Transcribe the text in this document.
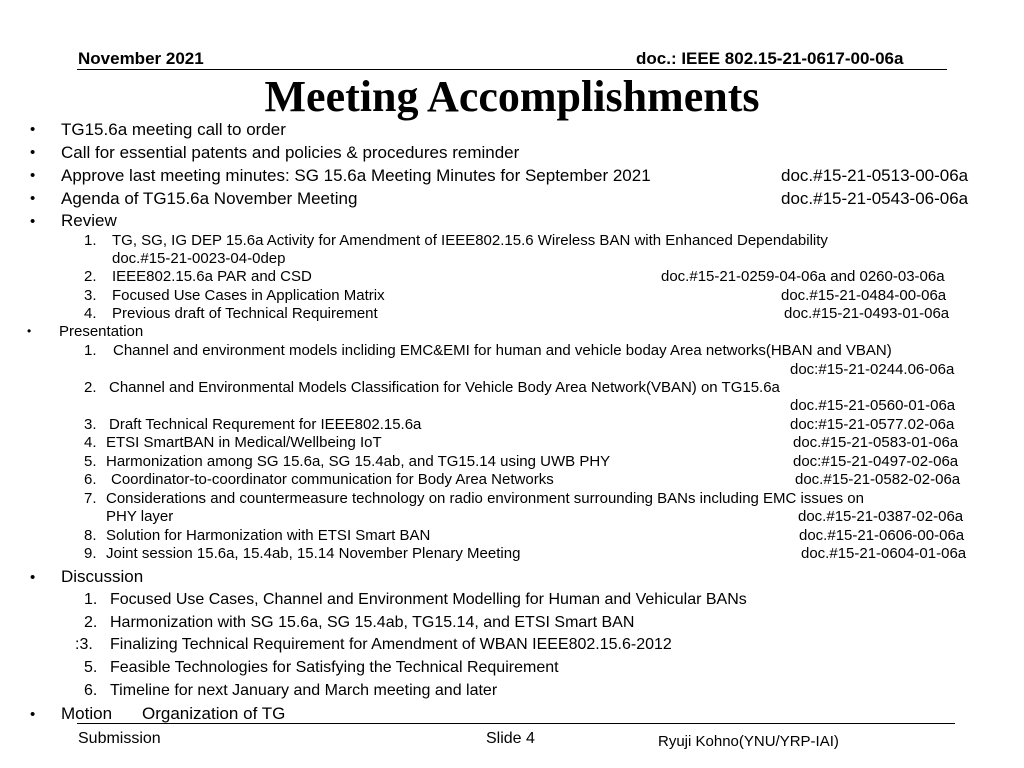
November 2021	doc.: IEEE 802.15-21-0617-00-06a
Meeting Accomplishments
• TG15.6a meeting call to order
• Call for essential patents and policies & procedures reminder
• Approve last meeting minutes: SG 15.6a Meeting Minutes for September 2021	doc.#15-21-0513-00-06a
• Agenda of TG15.6a November Meeting	doc.#15-21-0543-06-06a
• Review
1. TG, SG, IG DEP 15.6a Activity for Amendment of IEEE802.15.6 Wireless BAN with Enhanced Dependability
doc.#15-21-0023-04-0dep
2. IEEE802.15.6a PAR and CSD	doc.#15-21-0259-04-06a and 0260-03-06a
3. Focused Use Cases in Application Matrix	doc.#15-21-0484-00-06a
4. Previous draft of Technical Requirement	doc.#15-21-0493-01-06a
• Presentation
1. Channel and environment models incliding EMC&EMI for human and vehicle boday Area networks(HBAN and VBAN)
doc:#15-21-0244.06-06a
2. Channel and Environmental Models Classification for Vehicle Body Area Network(VBAN) on TG15.6a
doc.#15-21-0560-01-06a
3. Draft Technical Requrement for IEEE802.15.6a	doc:#15-21-0577.02-06a
4. ETSI SmartBAN in Medical/Wellbeing IoT	doc.#15-21-0583-01-06a
5. Harmonization among SG 15.6a, SG 15.4ab, and TG15.14 using UWB PHY	doc:#15-21-0497-02-06a
6. Coordinator-to-coordinator communication for Body Area Networks	doc.#15-21-0582-02-06a
7. Considerations and countermeasure technology on radio environment surrounding BANs including EMC issues on
PHY layer	doc.#15-21-0387-02-06a
8. Solution for Harmonization with ETSI Smart BAN	doc.#15-21-0606-00-06a
9. Joint session 15.6a, 15.4ab, 15.14 November Plenary Meeting	doc.#15-21-0604-01-06a
• Discussion
1. Focused Use Cases, Channel and Environment Modelling for Human and Vehicular BANs
2. Harmonization with SG 15.6a, SG 15.4ab, TG15.14, and ETSI Smart BAN
:3. Finalizing Technical Requirement for Amendment of WBAN IEEE802.15.6-2012
5. Feasible Technologies for Satisfying the Technical Requirement
6. Timeline for next January and March meeting and later
• Motion Organization of TG
Submission	Slide 4	Ryuji Kohno(YNU/YRP-IAI)
